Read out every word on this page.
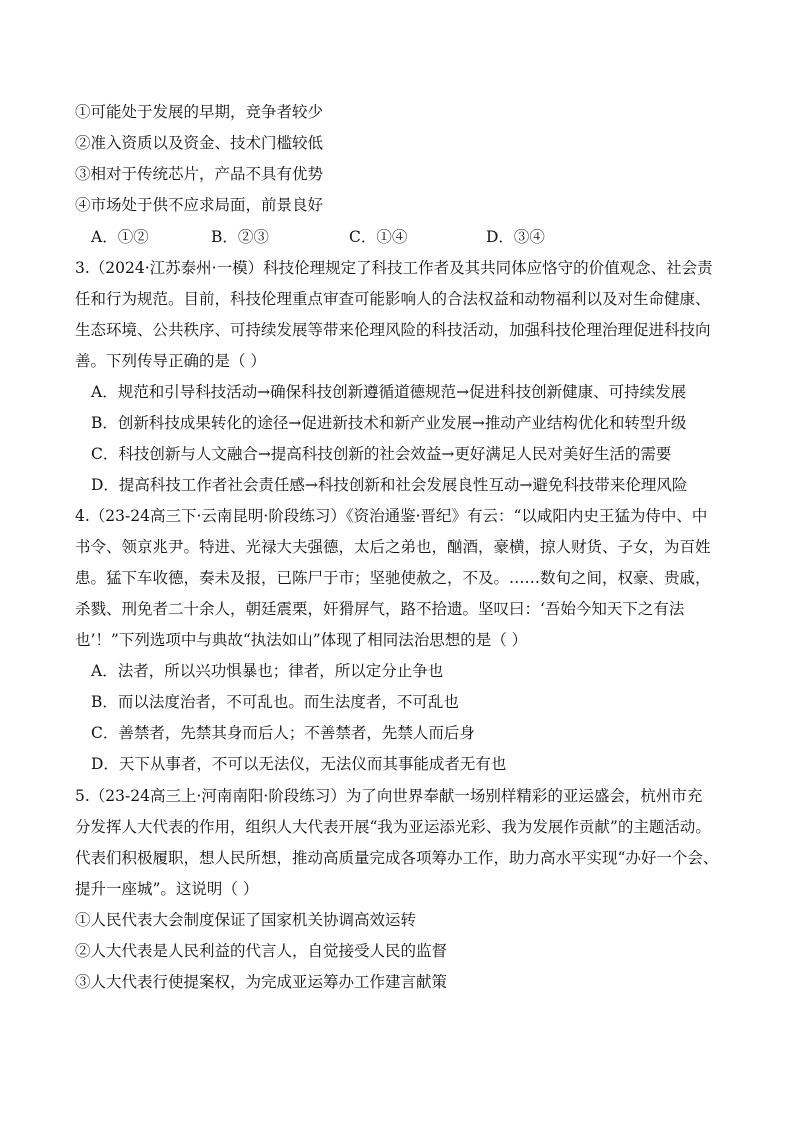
①可能处于发展的早期，竞争者较少
②准入资质以及资金、技术门槛较低
③相对于传统芯片，产品不具有优势
④市场处于供不应求局面，前景良好
A．①②	B．②③	C．①④	D．③④
3.（2024·江苏泰州·一模）科技伦理规定了科技工作者及其共同体应恪守的价值观念、社会责
任和行为规范。目前，科技伦理重点审查可能影响人的合法权益和动物福利以及对生命健康、
生态环境、公共秩序、可持续发展等带来伦理风险的科技活动，加强科技伦理治理促进科技向
善。下列传导正确的是（ ）
A．规范和引导科技活动→确保科技创新遵循道德规范→促进科技创新健康、可持续发展
B．创新科技成果转化的途径→促进新技术和新产业发展→推动产业结构优化和转型升级
C．科技创新与人文融合→提高科技创新的社会效益→更好满足人民对美好生活的需要
D．提高科技工作者社会责任感→科技创新和社会发展良性互动→避免科技带来伦理风险
4.（23-24高三下·云南昆明·阶段练习）《资治通鉴·晋纪》有云：“以咸阳内史王猛为侍中、中
书令、领京兆尹。特进、光禄大夫强德，太后之弟也，酗酒，豪横，掠人财货、子女，为百姓
患。猛下车收德，奏未及报，已陈尸于市；坚驰使赦之，不及。……数旬之间，权豪、贵戚，
杀戮、刑免者二十余人，朝廷震栗，奸猾屏气，路不拾遗。坚叹曰：‘吾始今知天下之有法
也’！”下列选项中与典故“执法如山”体现了相同法治思想的是（ ）
A．法者，所以兴功惧暴也；律者，所以定分止争也
B．而以法度治者，不可乱也。而生法度者，不可乱也
C．善禁者，先禁其身而后人；不善禁者，先禁人而后身
D．天下从事者，不可以无法仪，无法仪而其事能成者无有也
5.（23-24高三上·河南南阳·阶段练习）为了向世界奉献一场别样精彩的亚运盛会，杭州市充
分发挥人大代表的作用，组织人大代表开展“我为亚运添光彩、我为发展作贡献”的主题活动。
代表们积极履职，想人民所想，推动高质量完成各项筹办工作，助力高水平实现“办好一个会、
提升一座城”。这说明（ ）
①人民代表大会制度保证了国家机关协调高效运转
②人大代表是人民利益的代言人，自觉接受人民的监督
③人大代表行使提案权，为完成亚运筹办工作建言献策
